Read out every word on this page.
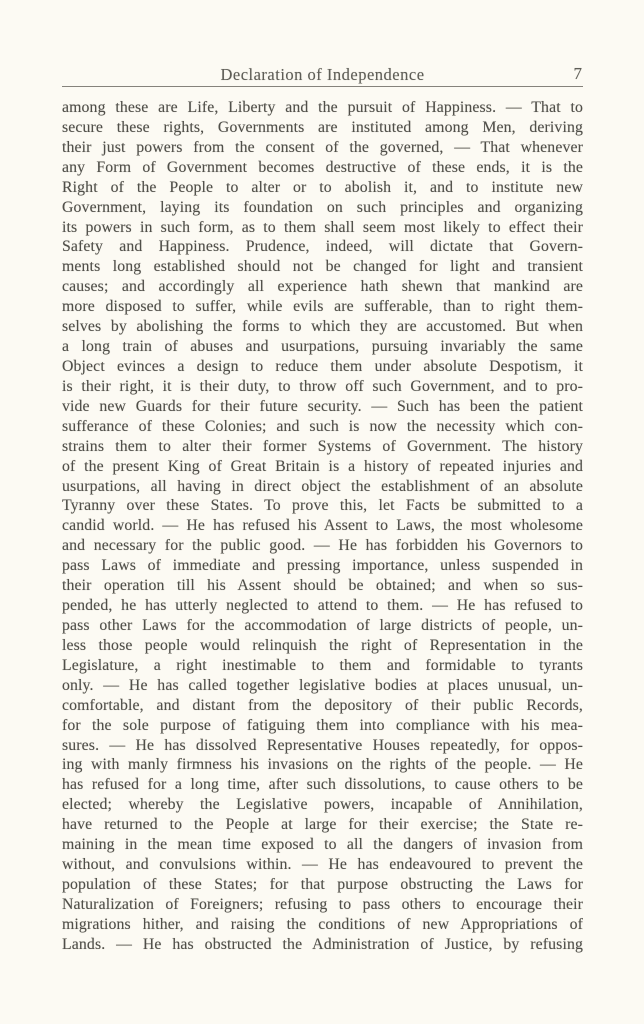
Declaration of Independence	7
among these are Life, Liberty and the pursuit of Happiness. — That to
secure these rights, Governments are instituted among Men, deriving
their just powers from the consent of the governed, — That whenever
any Form of Government becomes destructive of these ends, it is the
Right of the People to alter or to abolish it, and to institute new
Government, laying its foundation on such principles and organizing
its powers in such form, as to them shall seem most likely to effect their
Safety and Happiness. Prudence, indeed, will dictate that Govern-
ments long established should not be changed for light and transient
causes; and accordingly all experience hath shewn that mankind are
more disposed to suffer, while evils are sufferable, than to right them-
selves by abolishing the forms to which they are accustomed. But when
a long train of abuses and usurpations, pursuing invariably the same
Object evinces a design to reduce them under absolute Despotism, it
is their right, it is their duty, to throw off such Government, and to pro-
vide new Guards for their future security. — Such has been the patient
sufferance of these Colonies; and such is now the necessity which con-
strains them to alter their former Systems of Government. The history
of the present King of Great Britain is a history of repeated injuries and
usurpations, all having in direct object the establishment of an absolute
Tyranny over these States. To prove this, let Facts be submitted to a
candid world. — He has refused his Assent to Laws, the most wholesome
and necessary for the public good. — He has forbidden his Governors to
pass Laws of immediate and pressing importance, unless suspended in
their operation till his Assent should be obtained; and when so sus-
pended, he has utterly neglected to attend to them. — He has refused to
pass other Laws for the accommodation of large districts of people, un-
less those people would relinquish the right of Representation in the
Legislature, a right inestimable to them and formidable to tyrants
only. — He has called together legislative bodies at places unusual, un-
comfortable, and distant from the depository of their public Records,
for the sole purpose of fatiguing them into compliance with his mea-
sures. — He has dissolved Representative Houses repeatedly, for oppos-
ing with manly firmness his invasions on the rights of the people. — He
has refused for a long time, after such dissolutions, to cause others to be
elected; whereby the Legislative powers, incapable of Annihilation,
have returned to the People at large for their exercise; the State re-
maining in the mean time exposed to all the dangers of invasion from
without, and convulsions within. — He has endeavoured to prevent the
population of these States; for that purpose obstructing the Laws for
Naturalization of Foreigners; refusing to pass others to encourage their
migrations hither, and raising the conditions of new Appropriations of
Lands. — He has obstructed the Administration of Justice, by refusing
